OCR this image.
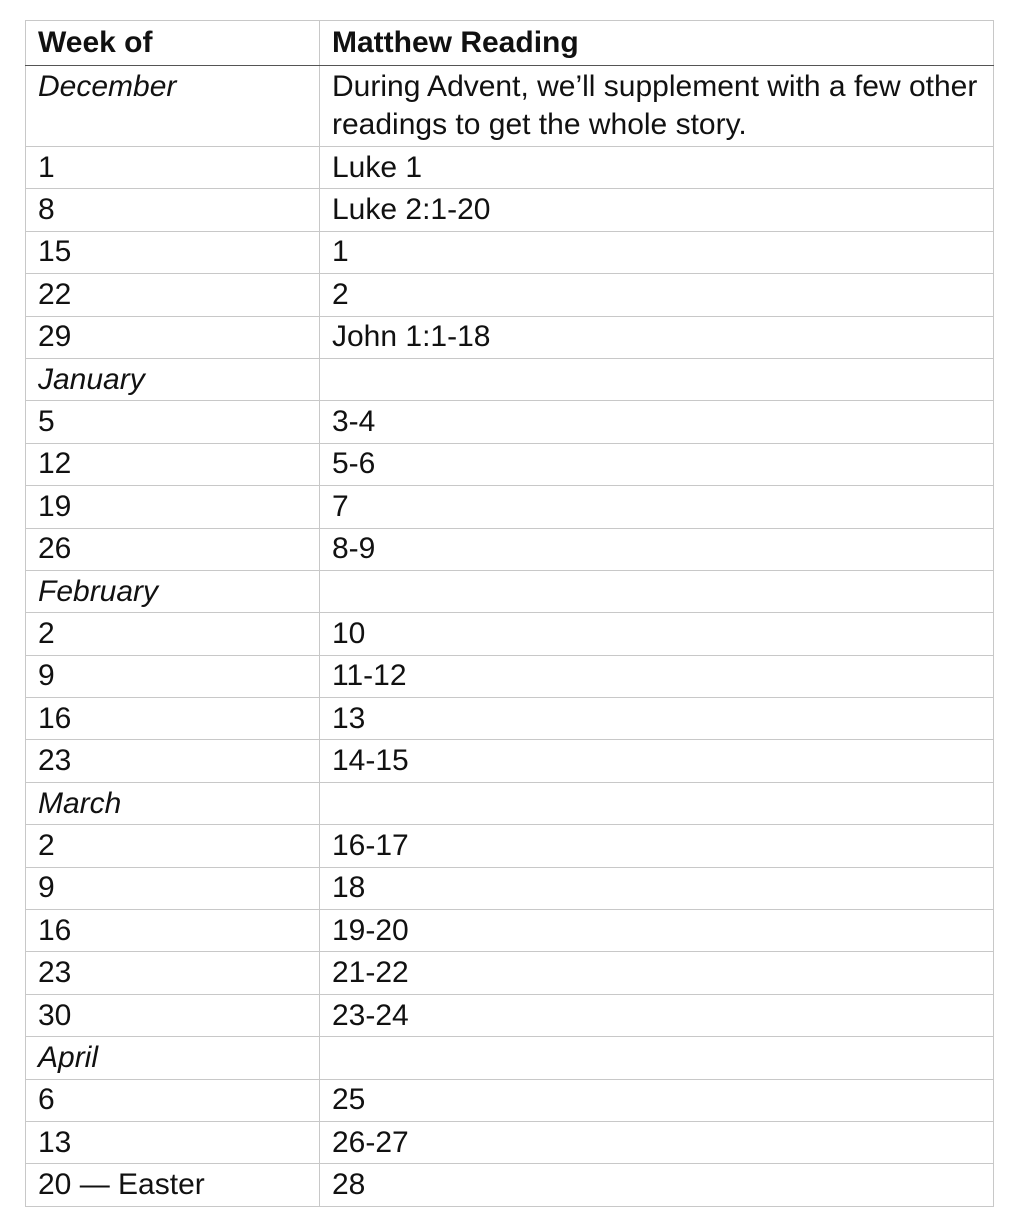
Week of	Matthew Reading
December	During Advent, we’ll supplement with a few other readings to get the whole story.
1	Luke 1
8	Luke 2:1-20
15	1
22	2
29	John 1:1-18
January	
5	3-4
12	5-6
19	7
26	8-9
February	
2	10
9	11-12
16	13
23	14-15
March	
2	16-17
9	18
16	19-20
23	21-22
30	23-24
April	
6	25
13	26-27
20 — Easter	28
